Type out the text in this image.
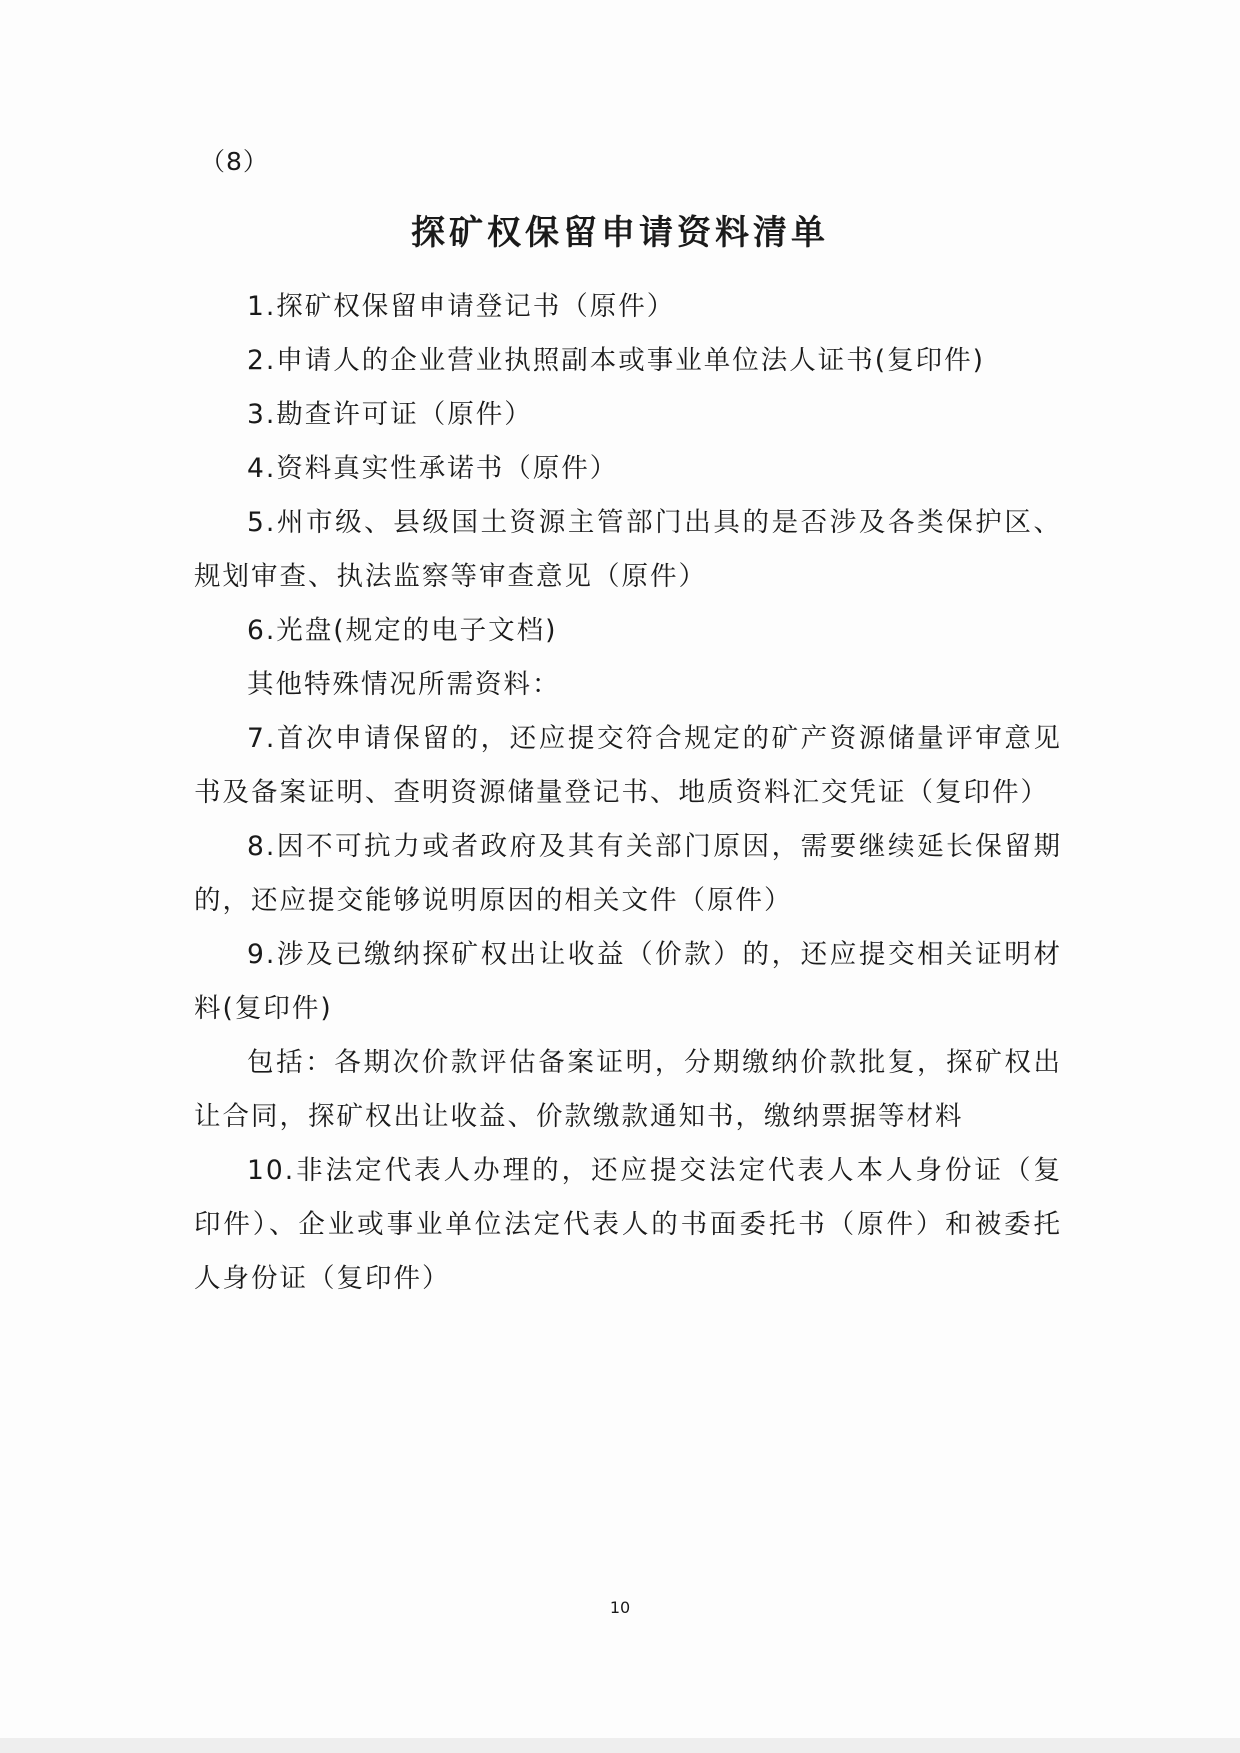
（8）
探矿权保留申请资料清单

1.探矿权保留申请登记书（原件）

2.申请人的企业营业执照副本或事业单位法人证书(复印件)

3.勘查许可证（原件）

4.资料真实性承诺书（原件）

5.州市级、县级国土资源主管部门出具的是否涉及各类保护区、规划审查、执法监察等审查意见（原件）

6.光盘(规定的电子文档)

其他特殊情况所需资料：

7.首次申请保留的，还应提交符合规定的矿产资源储量评审意见书及备案证明、查明资源储量登记书、地质资料汇交凭证（复印件）

8.因不可抗力或者政府及其有关部门原因，需要继续延长保留期的，还应提交能够说明原因的相关文件（原件）

9.涉及已缴纳探矿权出让收益（价款）的，还应提交相关证明材料(复印件)

包括：各期次价款评估备案证明，分期缴纳价款批复，探矿权出让合同，探矿权出让收益、价款缴款通知书，缴纳票据等材料

10.非法定代表人办理的，还应提交法定代表人本人身份证（复印件）、企业或事业单位法定代表人的书面委托书（原件）和被委托人身份证（复印件）

10
